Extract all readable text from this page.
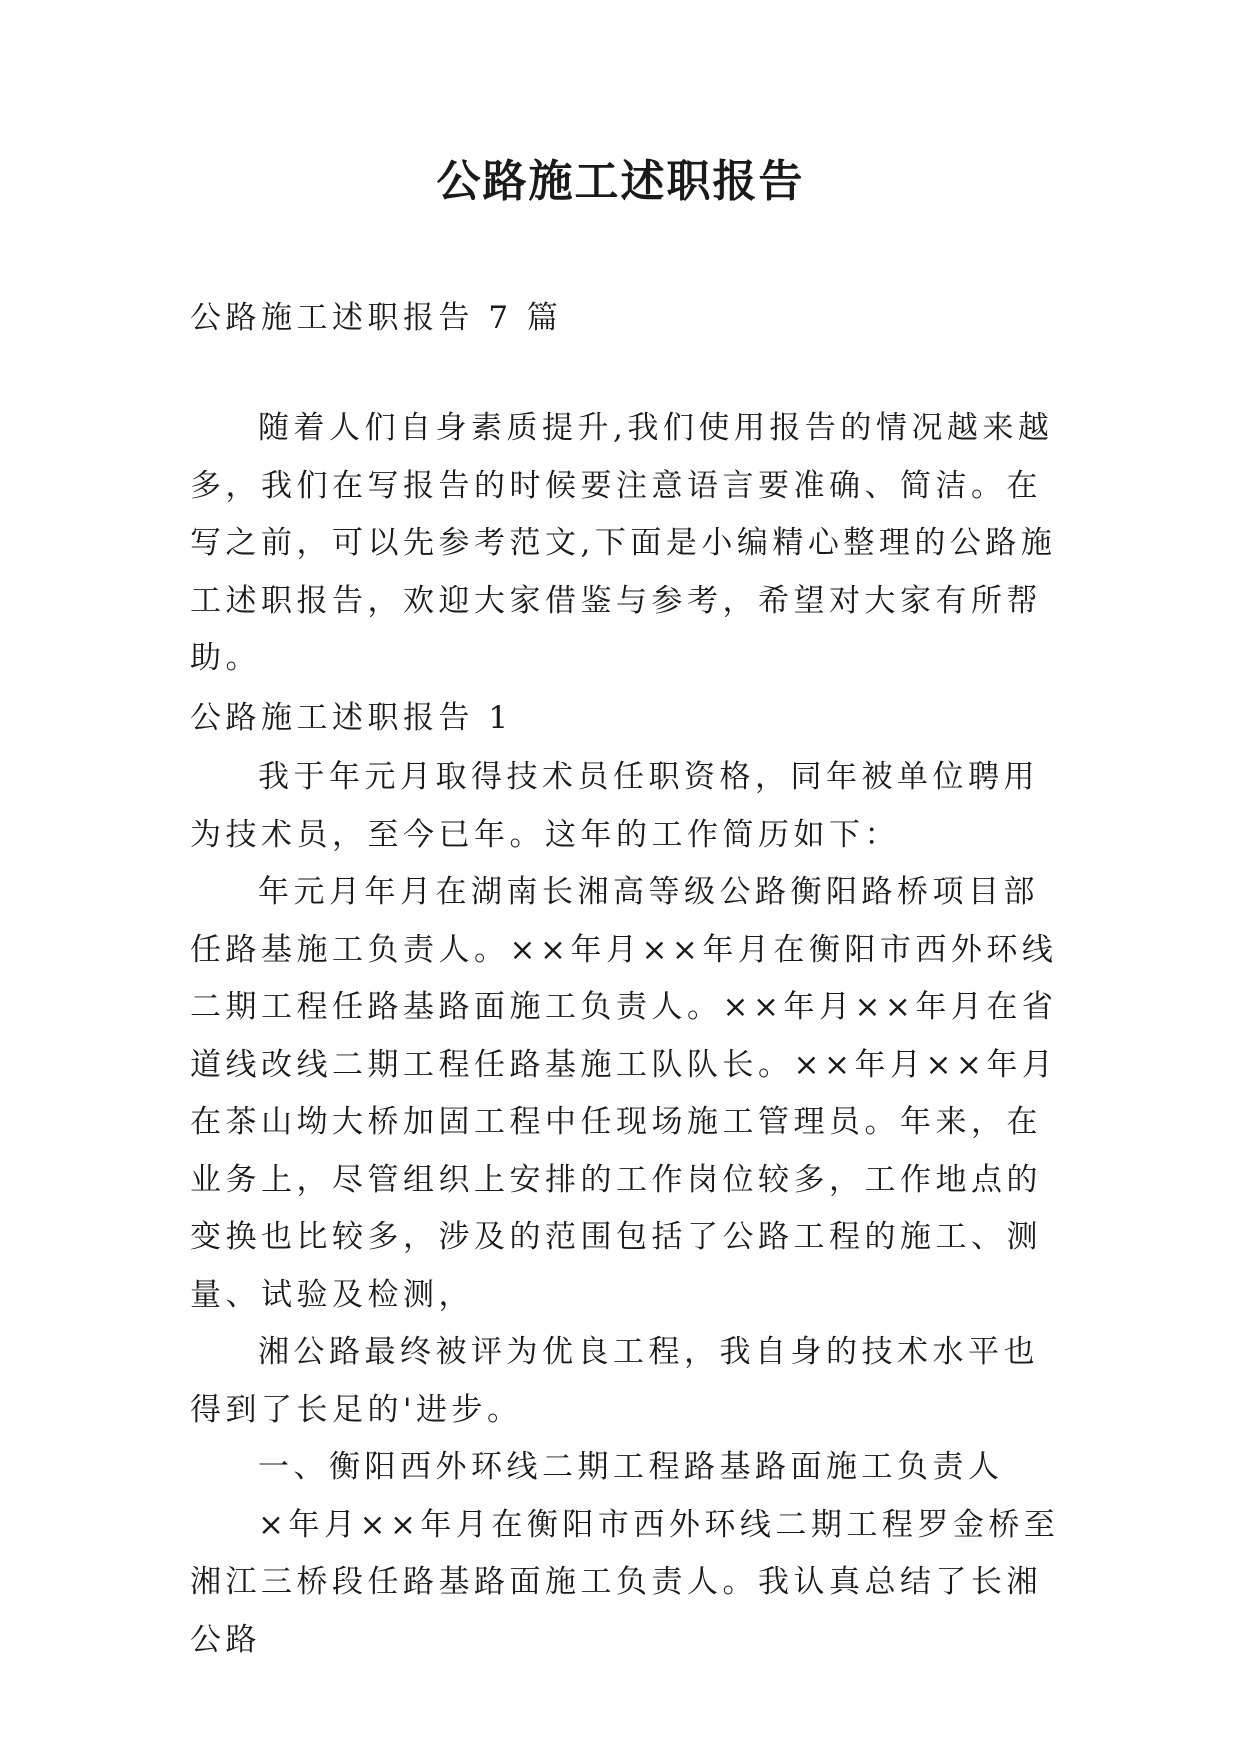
公路施工述职报告

公路施工述职报告 7 篇

随着人们自身素质提升,我们使用报告的情况越来越多，我们在写报告的时候要注意语言要准确、简洁。在写之前，可以先参考范文,下面是小编精心整理的公路施工述职报告，欢迎大家借鉴与参考，希望对大家有所帮助。

公路施工述职报告 1

我于年元月取得技术员任职资格，同年被单位聘用为技术员，至今已年。这年的工作简历如下：

年元月年月在湖南长湘高等级公路衡阳路桥项目部任路基施工负责人。××年月××年月在衡阳市西外环线二期工程任路基路面施工负责人。××年月××年月在省道线改线二期工程任路基施工队队长。××年月××年月在茶山坳大桥加固工程中任现场施工管理员。年来，在业务上，尽管组织上安排的工作岗位较多，工作地点的变换也比较多，涉及的范围包括了公路工程的施工、测量、试验及检测，

湘公路最终被评为优良工程，我自身的技术水平也得到了长足的'进步。

一、衡阳西外环线二期工程路基路面施工负责人

×年月××年月在衡阳市西外环线二期工程罗金桥至湘江三桥段任路基路面施工负责人。我认真总结了长湘公路
